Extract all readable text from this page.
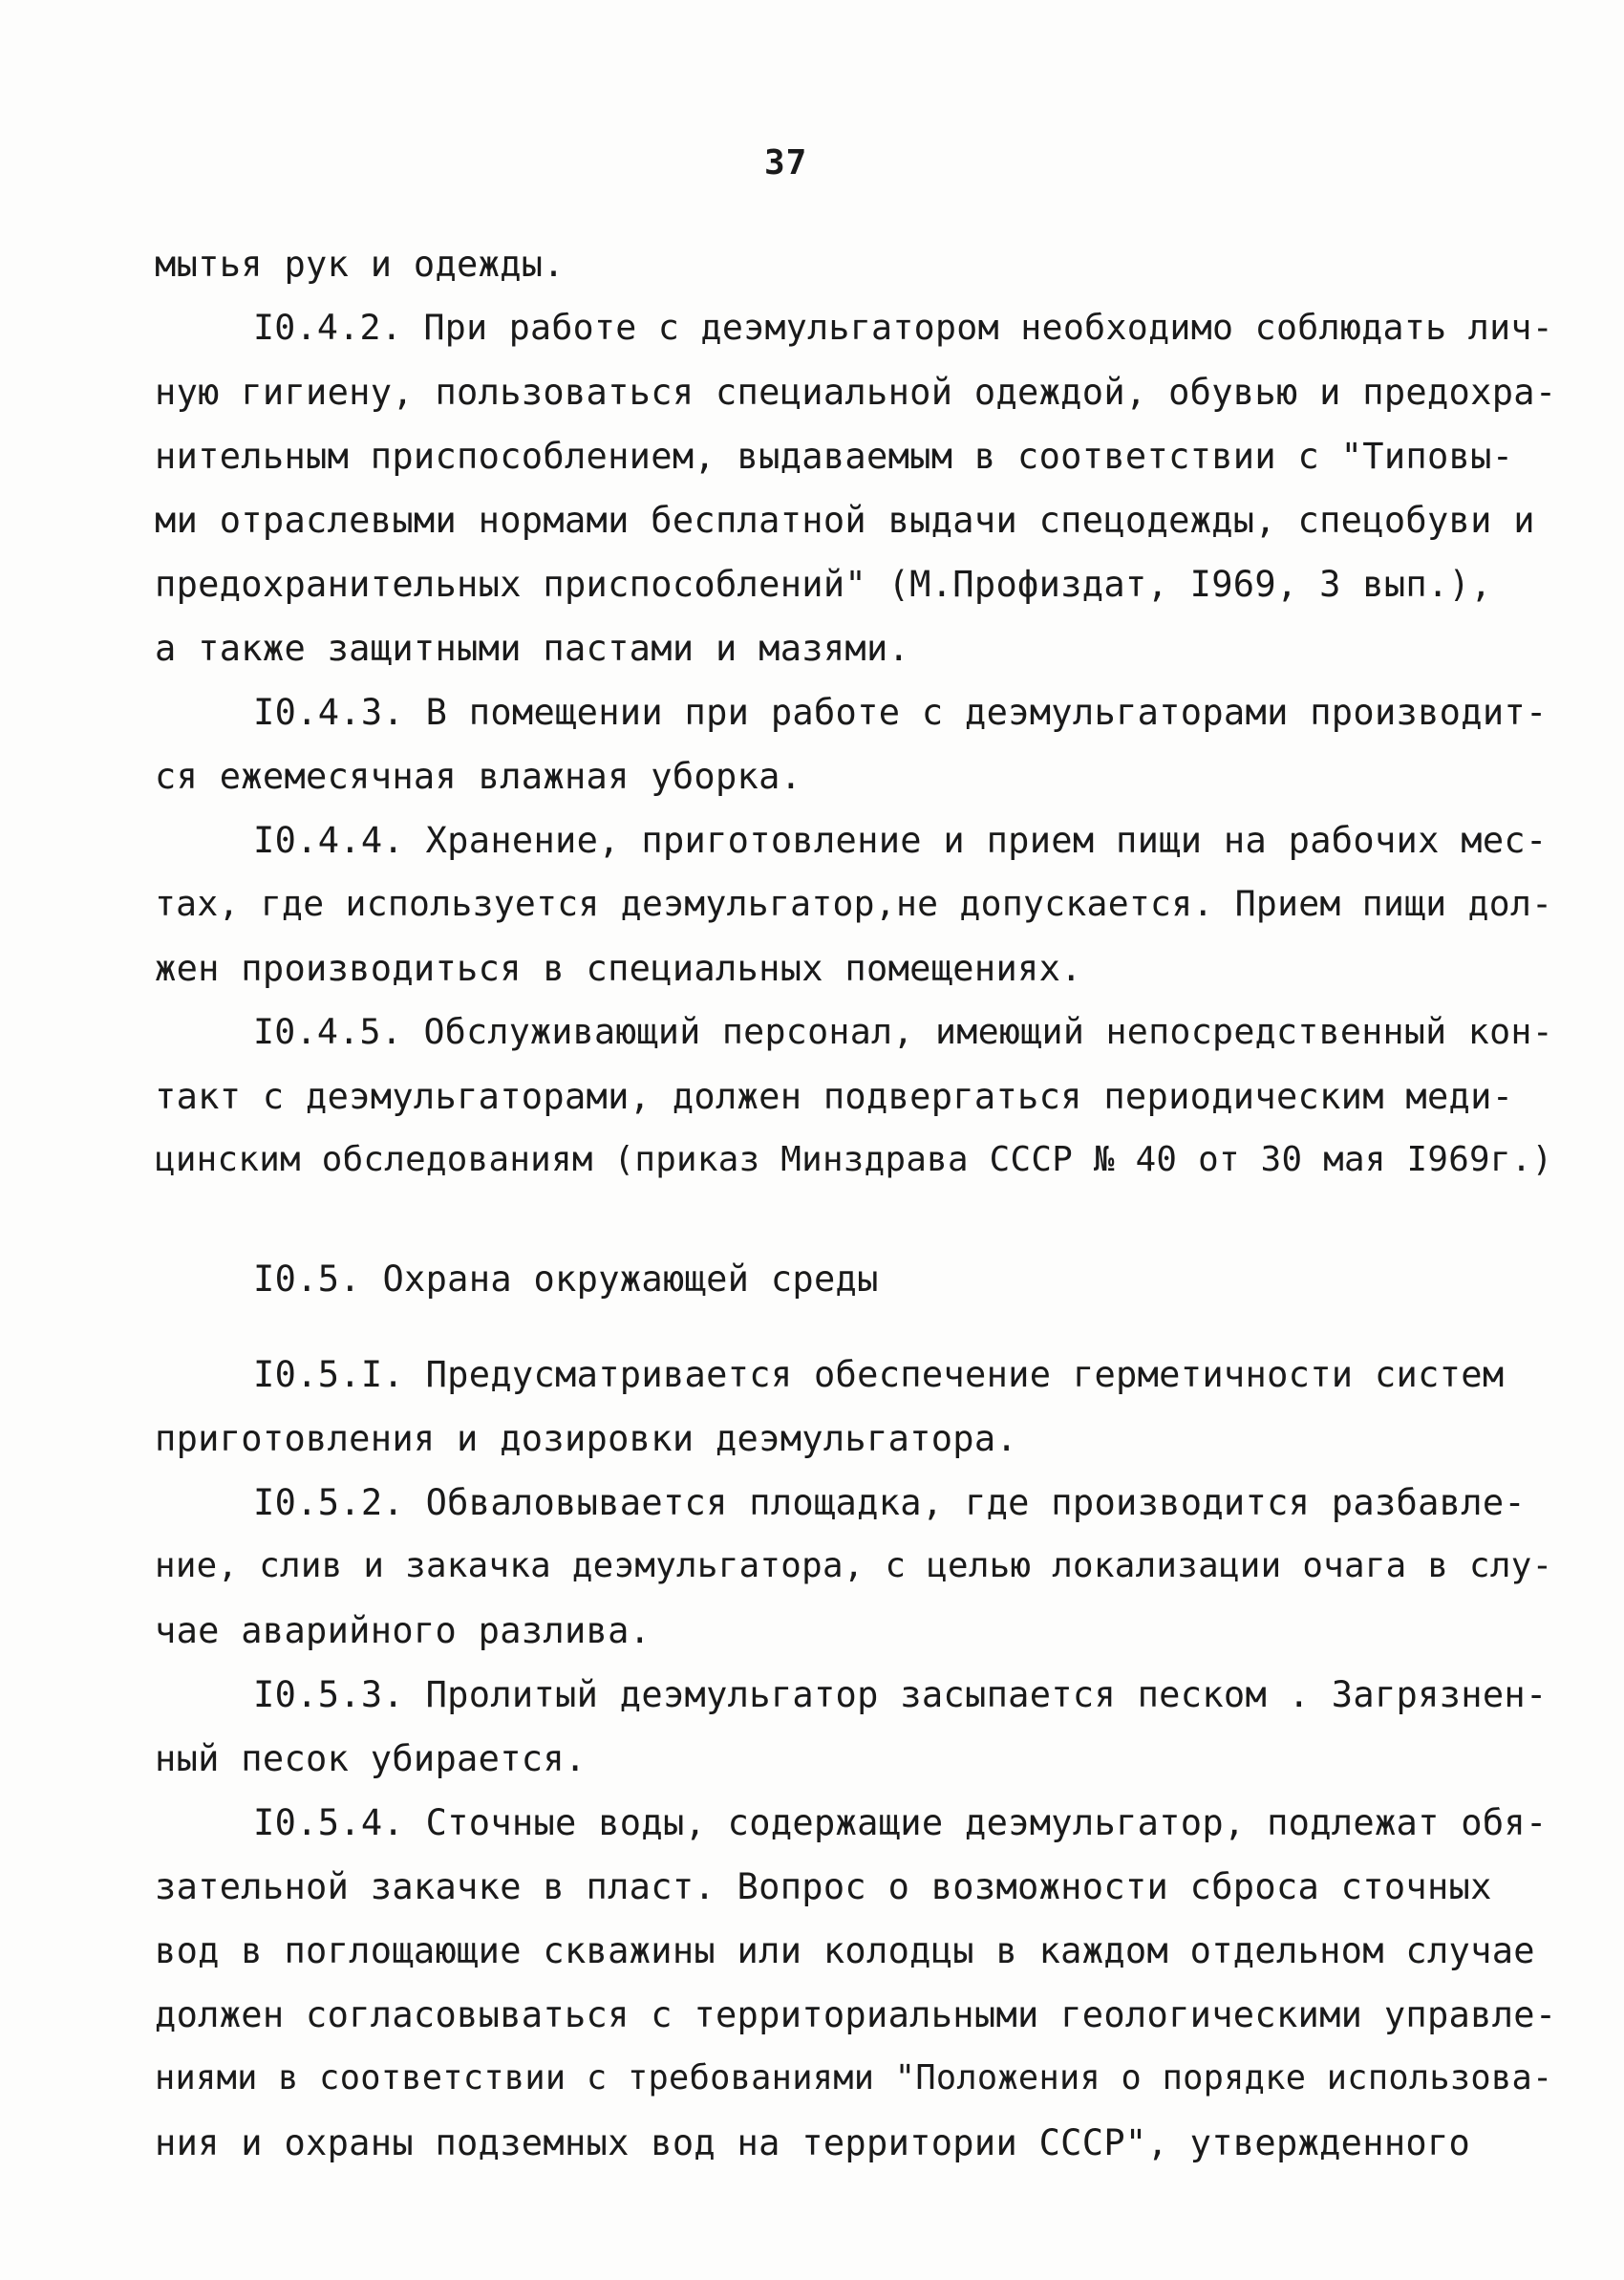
37
мытья рук и одежды.
I0.4.2. При работе с деэмульгатором необходимо соблюдать лич-
ную гигиену, пользоваться специальной одеждой, обувью и предохра-
нительным приспособлением, выдаваемым в соответствии с "Типовы-
ми отраслевыми нормами бесплатной выдачи спецодежды, спецобуви и
предохранительных приспособлений" (М.Профиздат, I969, 3 вып.),
а также защитными пастами и мазями.
I0.4.3. В помещении при работе с деэмульгаторами производит-
ся ежемесячная влажная уборка.
I0.4.4. Хранение, приготовление и прием пищи на рабочих мес-
тах, где используется деэмульгатор,не допускается. Прием пищи дол-
жен производиться в специальных помещениях.
I0.4.5. Обслуживающий персонал, имеющий непосредственный кон-
такт с деэмульгаторами, должен подвергаться периодическим меди-
цинским обследованиям (приказ Минздрава СССР № 40 от 30 мая I969г.)
I0.5. Охрана окружающей среды
I0.5.I. Предусматривается обеспечение герметичности систем
приготовления и дозировки деэмульгатора.
I0.5.2. Обваловывается площадка, где производится разбавле-
ние, слив и закачка деэмульгатора, с целью локализации очага в слу-
чае аварийного разлива.
I0.5.3. Пролитый деэмульгатор засыпается песком . Загрязнен-
ный песок убирается.
I0.5.4. Сточные воды, содержащие деэмульгатор, подлежат обя-
зательной закачке в пласт. Вопрос о возможности сброса сточных
вод в поглощающие скважины или колодцы в каждом отдельном случае
должен согласовываться с территориальными геологическими управле-
ниями в соответствии с требованиями "Положения о порядке использова-
ния и охраны подземных вод на территории СССР", утвержденного
